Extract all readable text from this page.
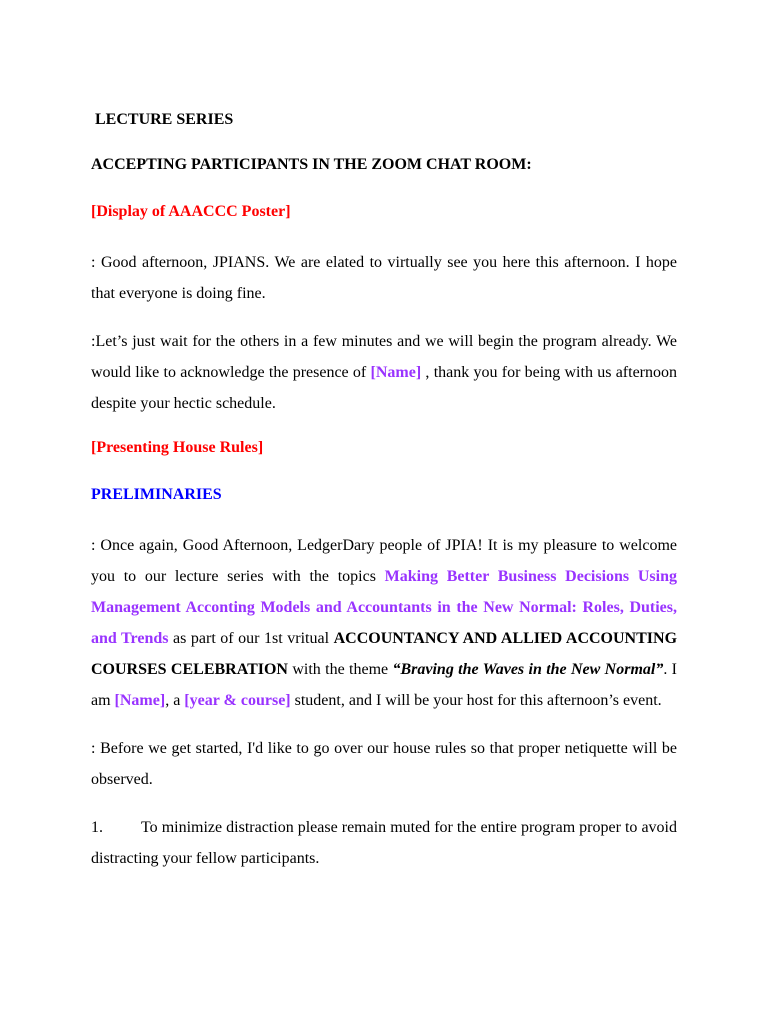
LECTURE SERIES
ACCEPTING PARTICIPANTS IN THE ZOOM CHAT ROOM:
[Display of AAACCC Poster]

: Good afternoon, JPIANS. We are elated to virtually see you here this afternoon. I hope that everyone is doing fine.

:Let’s just wait for the others in a few minutes and we will begin the program already. We would like to acknowledge the presence of [Name] , thank you for being with us afternoon despite your hectic schedule.

[Presenting House Rules]
PRELIMINARIES

: Once again, Good Afternoon, LedgerDary people of JPIA! It is my pleasure to welcome you to our lecture series with the topics Making Better Business Decisions Using Management Acconting Models and Accountants in the New Normal: Roles, Duties, and Trends as part of our 1st vritual ACCOUNTANCY AND ALLIED ACCOUNTING COURSES CELEBRATION with the theme “Braving the Waves in the New Normal”. I am [Name], a [year & course] student, and I will be your host for this afternoon’s event.

: Before we get started, I'd like to go over our house rules so that proper netiquette will be observed.

1. To minimize distraction please remain muted for the entire program proper to avoid distracting your fellow participants.
